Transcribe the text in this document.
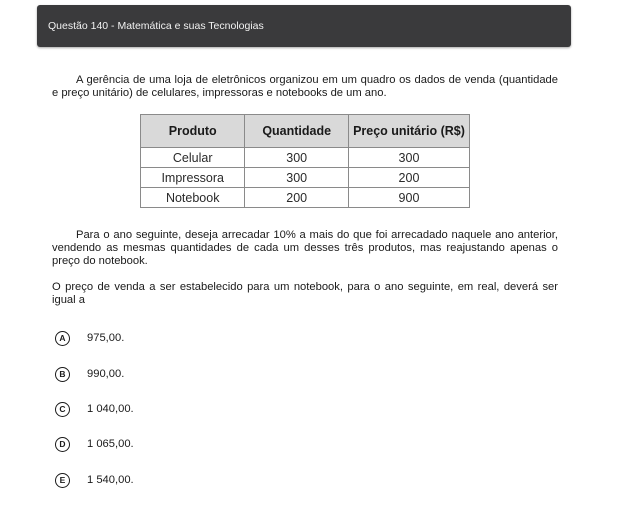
Questão 140 - Matemática e suas Tecnologias

A gerência de uma loja de eletrônicos organizou em um quadro os dados de venda (quantidade e preço unitário) de celulares, impressoras e notebooks de um ano.

Produto	Quantidade	Preço unitário (R$)
Celular	300	300
Impressora	300	200
Notebook	200	900

Para o ano seguinte, deseja arrecadar 10% a mais do que foi arrecadado naquele ano anterior, vendendo as mesmas quantidades de cada um desses três produtos, mas reajustando apenas o preço do notebook.

O preço de venda a ser estabelecido para um notebook, para o ano seguinte, em real, deverá ser igual a

A	975,00.
B	990,00.
C	1 040,00.
D	1 065,00.
E	1 540,00.
